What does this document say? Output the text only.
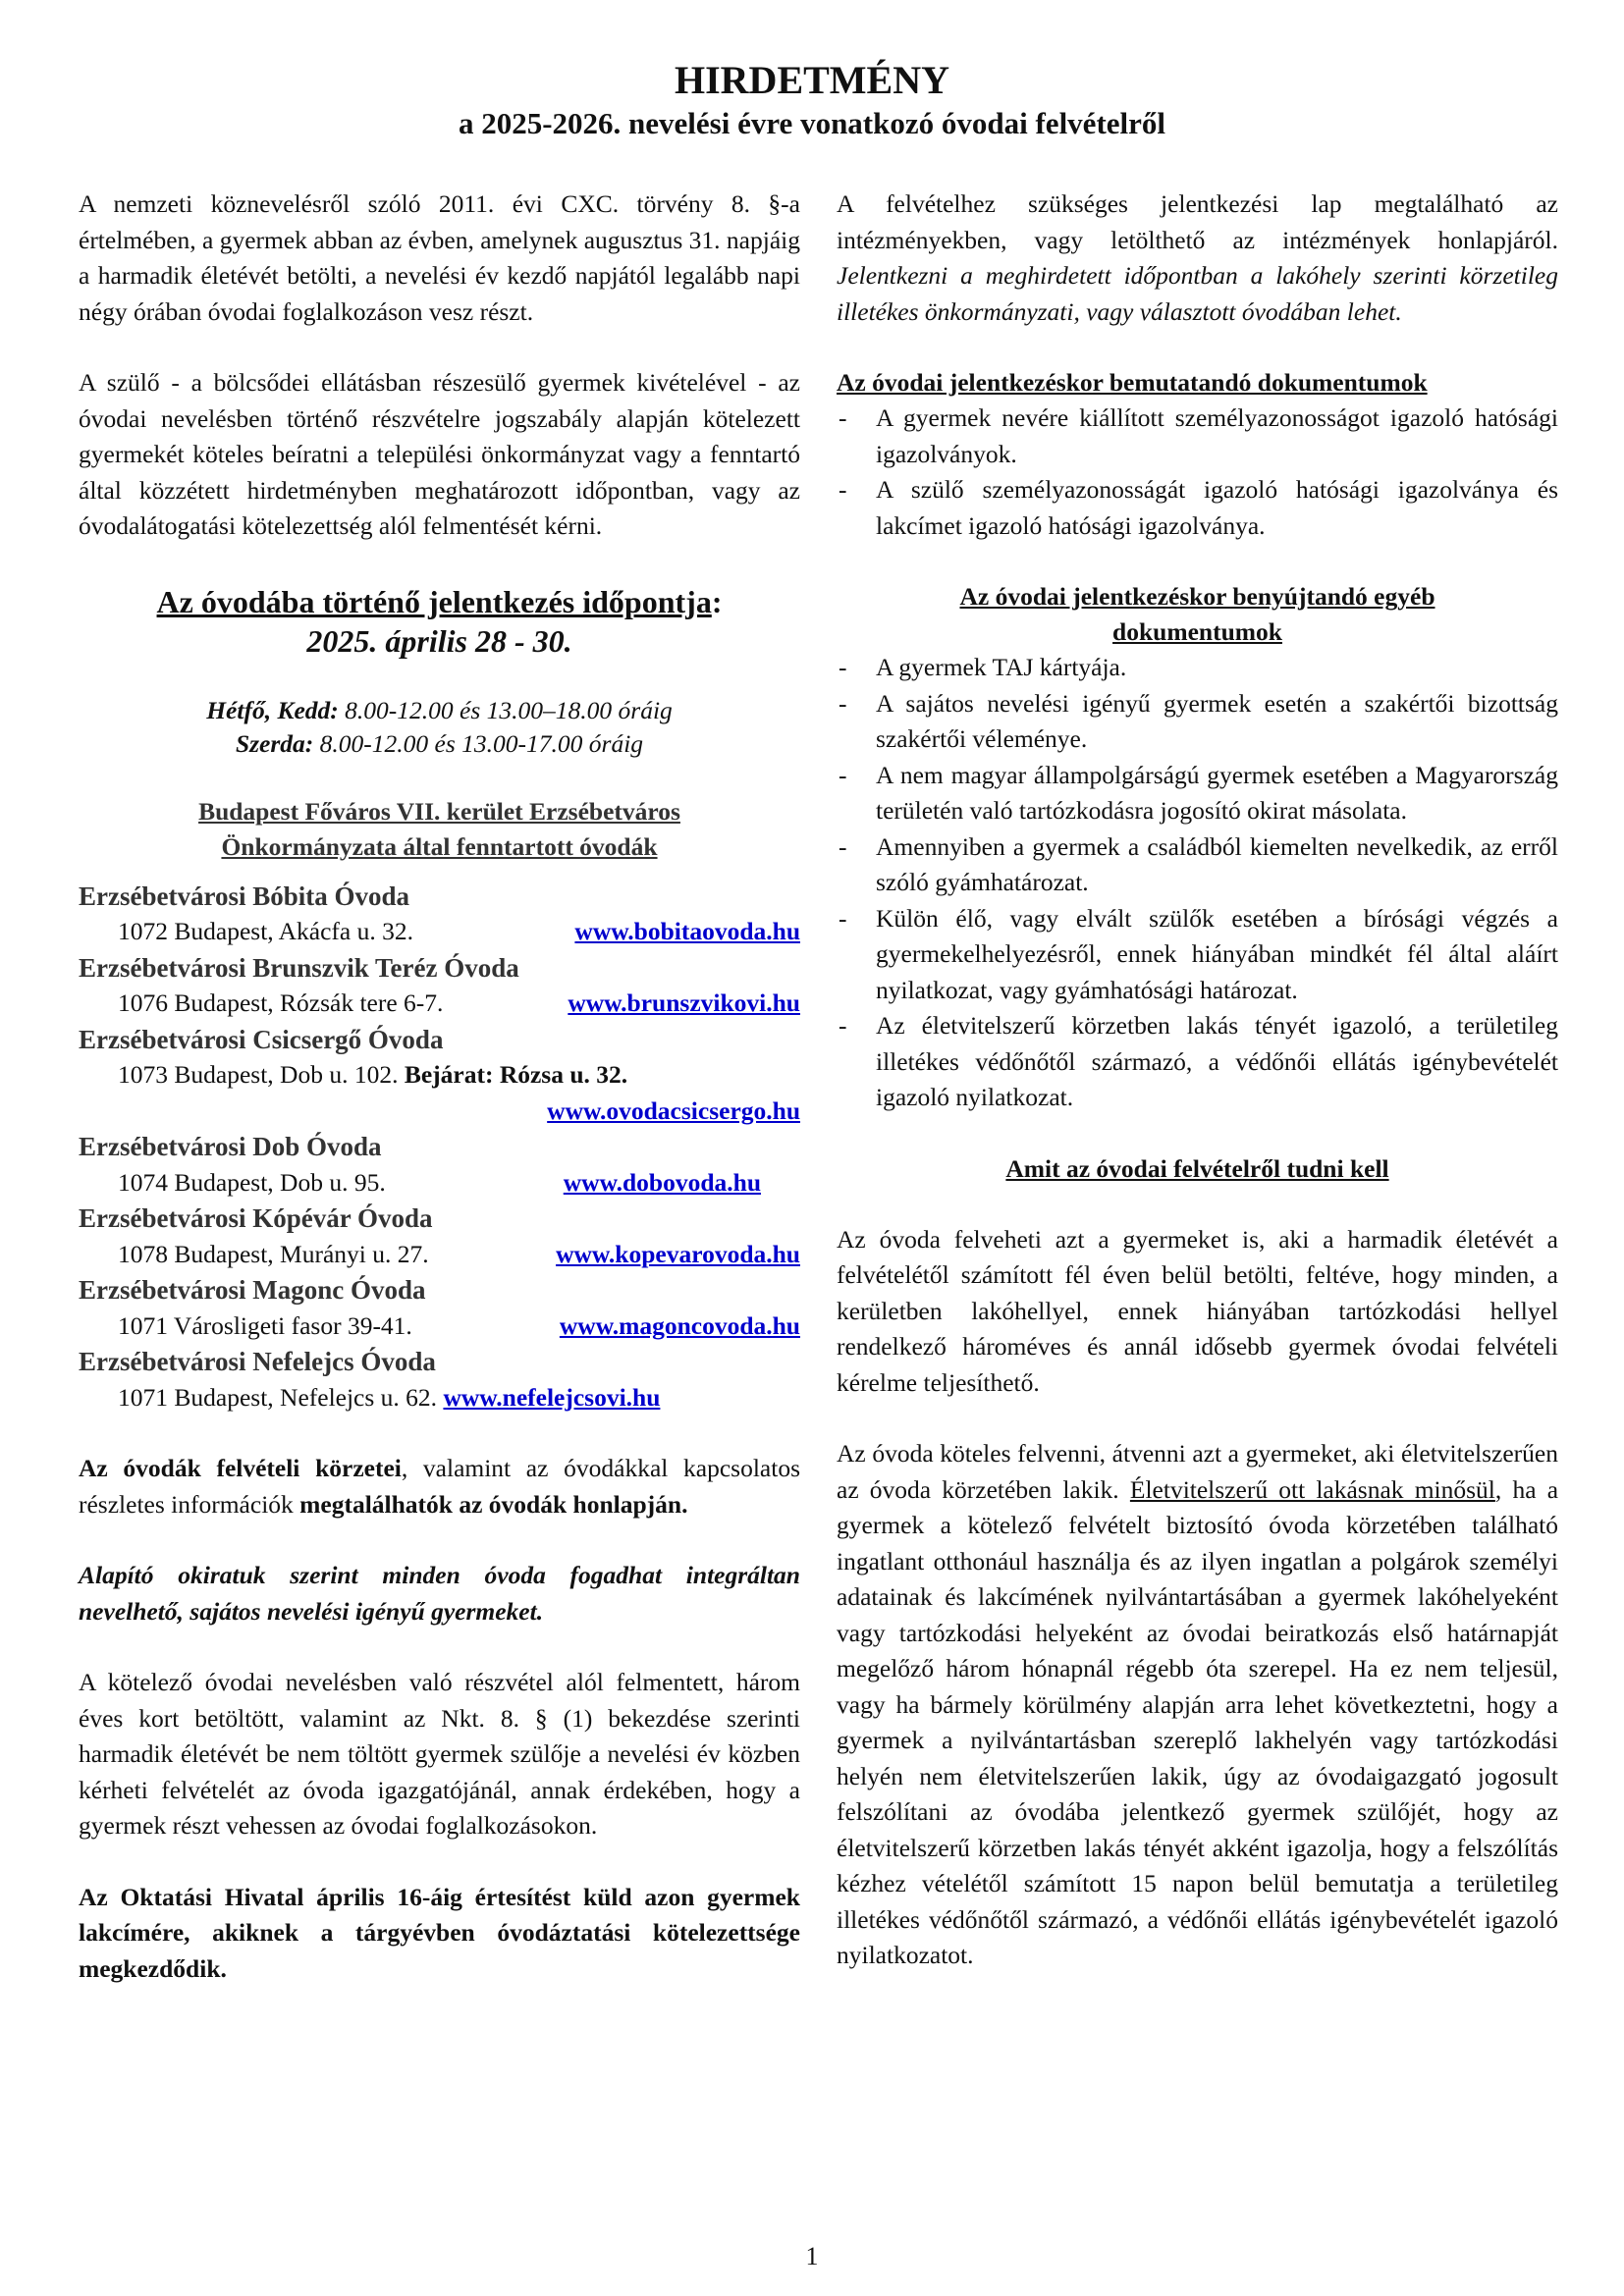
HIRDETMÉNY
a 2025-2026. nevelési évre vonatkozó óvodai felvételről

A nemzeti köznevelésről szóló 2011. évi CXC. törvény 8. §-a értelmében, a gyermek abban az évben, amelynek augusztus 31. napjáig a harmadik életévét betölti, a nevelési év kezdő napjától legalább napi négy órában óvodai foglalkozáson vesz részt.

A szülő - a bölcsődei ellátásban részesülő gyermek kivételével - az óvodai nevelésben történő részvételre jogszabály alapján kötelezett gyermekét köteles beíratni a települési önkormányzat vagy a fenntartó által közzétett hirdetményben meghatározott időpontban, vagy az óvodalátogatási kötelezettség alól felmentését kérni.

Az óvodába történő jelentkezés időpontja:
2025. április 28 - 30.
Hétfő, Kedd: 8.00-12.00 és 13.00–18.00 óráig
Szerda: 8.00-12.00 és 13.00-17.00 óráig
Budapest Főváros VII. kerület Erzsébetváros
Önkormányzata által fenntartott óvodák
Erzsébetvárosi Bóbita Óvoda
1072 Budapest, Akácfa u. 32.	www.bobitaovoda.hu
Erzsébetvárosi Brunszvik Teréz Óvoda
1076 Budapest, Rózsák tere 6-7.	www.brunszvikovi.hu
Erzsébetvárosi Csicsergő Óvoda
1073 Budapest, Dob u. 102.
Bejárat: Rózsa u. 32.
www.ovodacsicsergo.hu
Erzsébetvárosi Dob Óvoda
1074 Budapest, Dob u. 95.	www.dobovoda.hu
Erzsébetvárosi Kópévár Óvoda
1078 Budapest, Murányi u. 27.	www.kopevarovoda.hu
Erzsébetvárosi Magonc Óvoda
1071 Városligeti fasor 39-41.	www.magoncovoda.hu
Erzsébetvárosi Nefelejcs Óvoda
1071 Budapest, Nefelejcs u. 62.
www.nefelejcsovi.hu

Az óvodák felvételi körzetei, valamint az óvodákkal kapcsolatos részletes információk megtalálhatók az óvodák honlapján.

Alapító okiratuk szerint minden óvoda fogadhat integráltan nevelhető, sajátos nevelési igényű gyermeket.

A kötelező óvodai nevelésben való részvétel alól felmentett, három éves kort betöltött, valamint az Nkt. 8. § (1) bekezdése szerinti harmadik életévét be nem töltött gyermek szülője a nevelési év közben kérheti felvételét az óvoda igazgatójánál, annak érdekében, hogy a gyermek részt vehessen az óvodai foglalkozásokon.

Az Oktatási Hivatal április 16-áig értesítést küld azon gyermek lakcímére, akiknek a tárgyévben óvodáztatási kötelezettsége megkezdődik.

A felvételhez szükséges jelentkezési lap megtalálható az intézményekben, vagy letölthető az intézmények honlapjáról. Jelentkezni a meghirdetett időpontban a lakóhely szerinti körzetileg illetékes önkormányzati, vagy választott óvodában lehet.

Az óvodai jelentkezéskor bemutatandó dokumentumok
- A gyermek nevére kiállított személyazonosságot igazoló hatósági igazolványok.
- A szülő személyazonosságát igazoló hatósági igazolványa és lakcímet igazoló hatósági igazolványa.
Az óvodai jelentkezéskor benyújtandó egyéb
dokumentumok
- A gyermek TAJ kártyája.
- A sajátos nevelési igényű gyermek esetén a szakértői bizottság szakértői véleménye.
- A nem magyar állampolgárságú gyermek esetében a Magyarország területén való tartózkodásra jogosító okirat másolata.
- Amennyiben a gyermek a családból kiemelten nevelkedik, az erről szóló gyámhatározat.
- Külön élő, vagy elvált szülők esetében a bírósági végzés a gyermekelhelyezésről, ennek hiányában mindkét fél által aláírt nyilatkozat, vagy gyámhatósági határozat.
- Az életvitelszerű körzetben lakás tényét igazoló, a területileg illetékes védőnőtől származó, a védőnői ellátás igénybevételét igazoló nyilatkozat.
Amit az óvodai felvételről tudni kell

Az óvoda felveheti azt a gyermeket is, aki a harmadik életévét a felvételétől számított fél éven belül betölti, feltéve, hogy minden, a kerületben lakóhellyel, ennek hiányában tartózkodási hellyel rendelkező hároméves és annál idősebb gyermek óvodai felvételi kérelme teljesíthető.

Az óvoda köteles felvenni, átvenni azt a gyermeket, aki életvitelszerűen az óvoda körzetében lakik. Életvitelszerű ott lakásnak minősül, ha a gyermek a kötelező felvételt biztosító óvoda körzetében található ingatlant otthonául használja és az ilyen ingatlan a polgárok személyi adatainak és lakcímének nyilvántartásában a gyermek lakóhelyeként vagy tartózkodási helyeként az óvodai beiratkozás első határnapját megelőző három hónapnál régebb óta szerepel. Ha ez nem teljesül, vagy ha bármely körülmény alapján arra lehet következtetni, hogy a gyermek a nyilvántartásban szereplő lakhelyén vagy tartózkodási helyén nem életvitelszerűen lakik, úgy az óvodaigazgató jogosult felszólítani az óvodába jelentkező gyermek szülőjét, hogy az életvitelszerű körzetben lakás tényét akként igazolja, hogy a felszólítás kézhez vételétől számított 15 napon belül bemutatja a területileg illetékes védőnőtől származó, a védőnői ellátás igénybevételét igazoló nyilatkozatot.

1
